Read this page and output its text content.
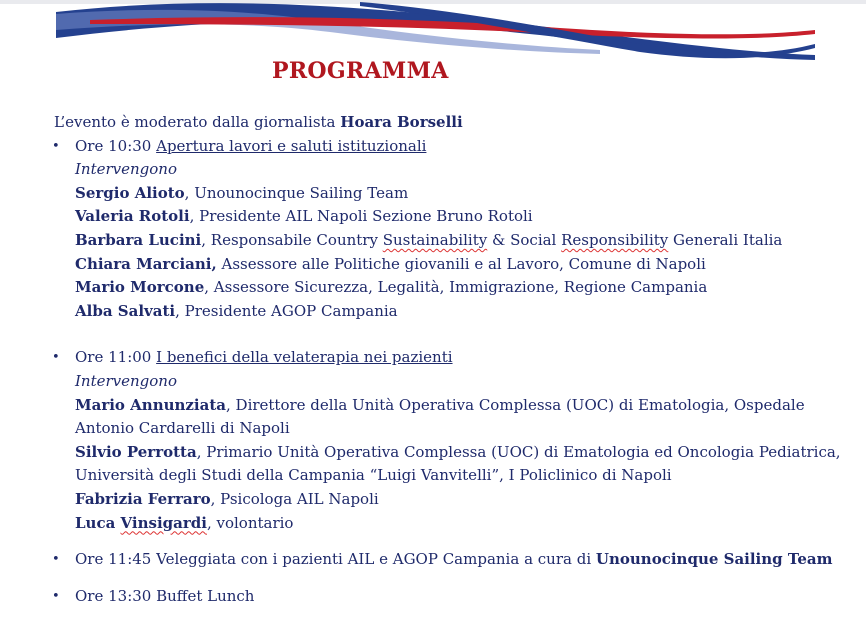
PROGRAMMA
L’evento è moderato dalla giornalista Hoara Borselli
• Ore 10:30 Apertura lavori e saluti istituzionali
Intervengono
Sergio Alioto, Unounocinque Sailing Team
Valeria Rotoli, Presidente AIL Napoli Sezione Bruno Rotoli
Barbara Lucini, Responsabile Country Sustainability & Social Responsibility Generali Italia
Chiara Marciani, Assessore alle Politiche giovanili e al Lavoro, Comune di Napoli
Mario Morcone, Assessore Sicurezza, Legalità, Immigrazione, Regione Campania
Alba Salvati, Presidente AGOP Campania
• Ore 11:00 I benefici della velaterapia nei pazienti
Intervengono
Mario Annunziata, Direttore della Unità Operativa Complessa (UOC) di Ematologia, Ospedale
Antonio Cardarelli di Napoli
Silvio Perrotta, Primario Unità Operativa Complessa (UOC) di Ematologia ed Oncologia Pediatrica,
Università degli Studi della Campania “Luigi Vanvitelli”, I Policlinico di Napoli
Fabrizia Ferraro, Psicologa AIL Napoli
Luca Vinsigardi, volontario
• Ore 11:45 Veleggiata con i pazienti AIL e AGOP Campania a cura di Unounocinque Sailing Team
• Ore 13:30 Buffet Lunch
